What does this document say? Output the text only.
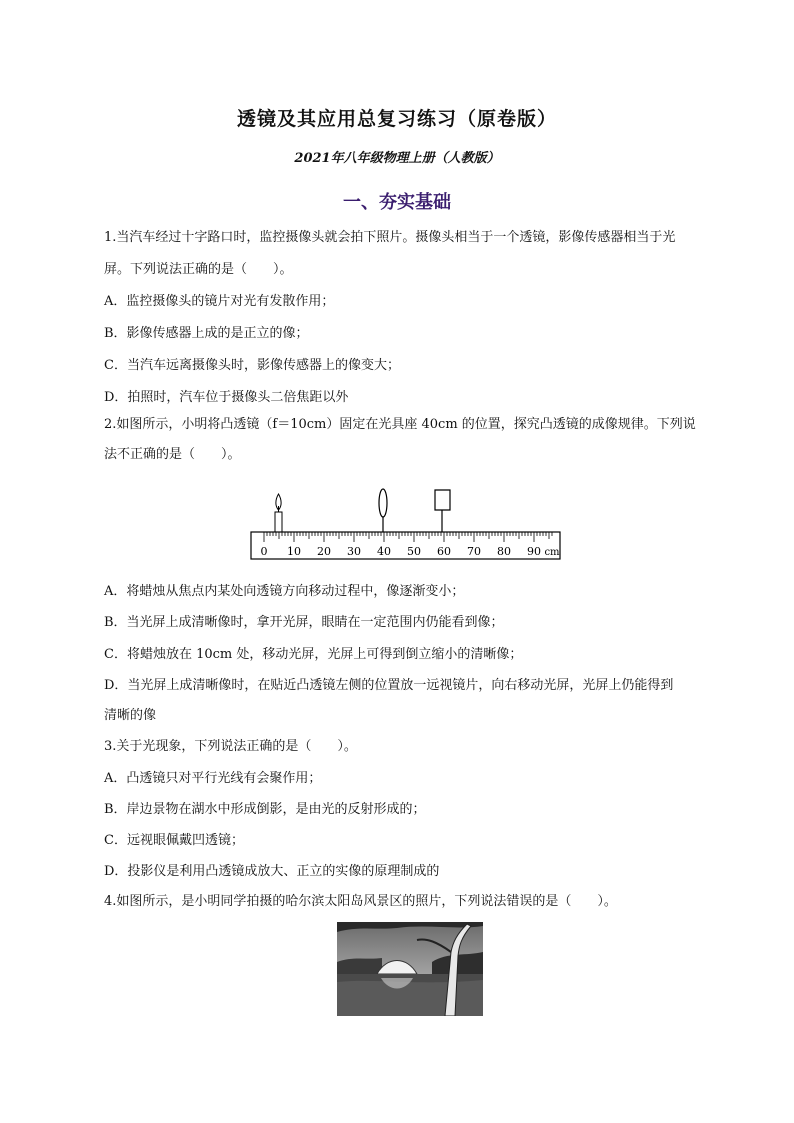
透镜及其应用总复习练习（原卷版）
2021年八年级物理上册（人教版）
一、夯实基础
1.当汽车经过十字路口时，监控摄像头就会拍下照片。摄像头相当于一个透镜，影像传感器相当于光
屏。下列说法正确的是（　　）。
A．监控摄像头的镜片对光有发散作用；
B．影像传感器上成的是正立的像；
C．当汽车远离摄像头时，影像传感器上的像变大；
D．拍照时，汽车位于摄像头二倍焦距以外
2.如图所示，小明将凸透镜（f＝10cm）固定在光具座 40cm 的位置，探究凸透镜的成像规律。下列说
法不正确的是（　　）。
0 10 20 30 40 50 60 70 80 90 cm
A．将蜡烛从焦点内某处向透镜方向移动过程中，像逐渐变小；
B．当光屏上成清晰像时，拿开光屏，眼睛在一定范围内仍能看到像；
C．将蜡烛放在 10cm 处，移动光屏，光屏上可得到倒立缩小的清晰像；
D．当光屏上成清晰像时，在贴近凸透镜左侧的位置放一远视镜片，向右移动光屏，光屏上仍能得到
清晰的像
3.关于光现象，下列说法正确的是（　　）。
A．凸透镜只对平行光线有会聚作用；
B．岸边景物在湖水中形成倒影，是由光的反射形成的；
C．远视眼佩戴凹透镜；
D．投影仪是利用凸透镜成放大、正立的实像的原理制成的
4.如图所示，是小明同学拍摄的哈尔滨太阳岛风景区的照片，下列说法错误的是（　　）。
